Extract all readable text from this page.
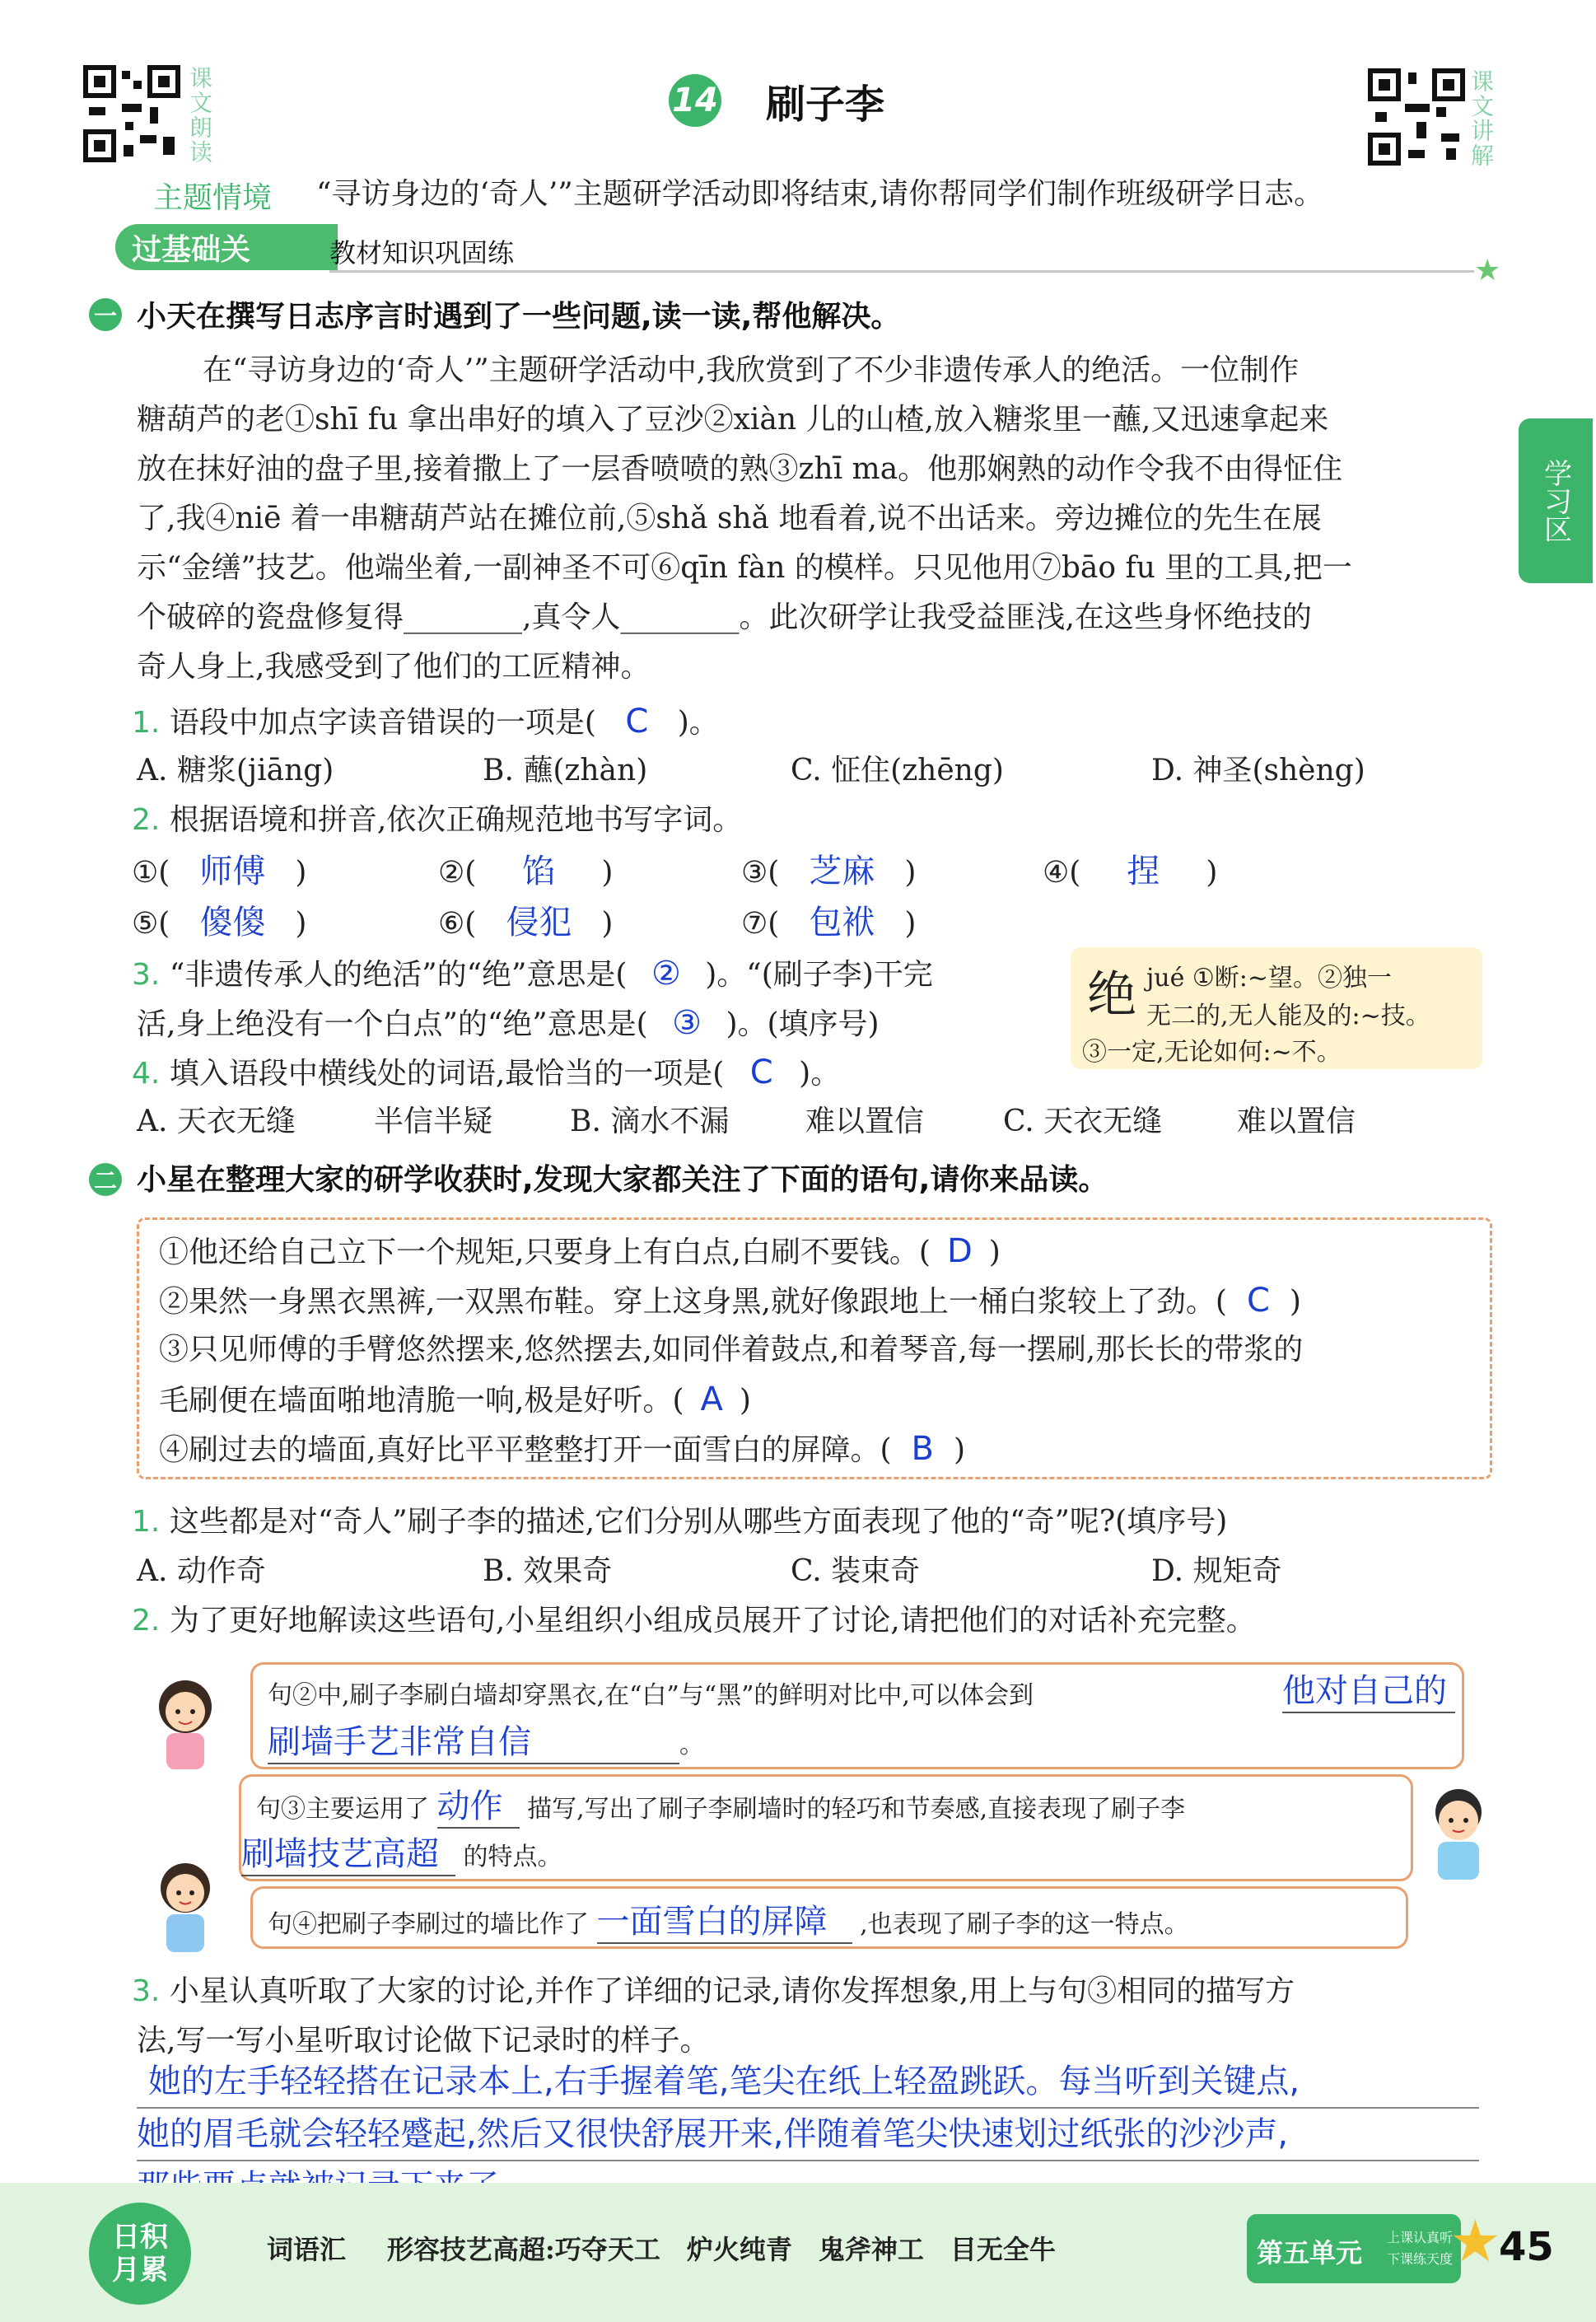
课文朗读	14 刷子李	课文讲解
主题情境 “寻访身边的‘奇人’”主题研学活动即将结束,请你帮同学们制作班级研学日志。
过基础关	教材知识巩固练
★
学习区
一 小天在撰写日志序言时遇到了一些问题,读一读,帮他解决。
在“寻访身边的‘奇人’”主题研学活动中,我欣赏到了不少非遗传承人的绝活。一位制作
糖葫芦的老①shī fu 拿出串好的填入了豆沙②xiàn 儿的山楂,放入糖浆里一蘸,又迅速拿起来
放在抹好油的盘子里,接着撒上了一层香喷喷的熟③zhī ma。他那娴熟的动作令我不由得怔住
了,我④niē 着一串糖葫芦站在摊位前,⑤shǎ shǎ 地看着,说不出话来。旁边摊位的先生在展
示“金缮”技艺。他端坐着,一副神圣不可⑥qīn fàn 的模样。只见他用⑦bāo fu 里的工具,把一
个破碎的瓷盘修复得________,真令人________。此次研学让我受益匪浅,在这些身怀绝技的
奇人身上,我感受到了他们的工匠精神。
1. 语段中加点字读音错误的一项是( C )。
A. 糖浆(jiāng)	B. 蘸(zhàn)	C. 怔住(zhēng)	D. 神圣(shèng)
2. 根据语境和拼音,依次正确规范地书写字词。
①( 师傅 )	②( 馅 )	③( 芝麻 )	④( 捏 )
⑤( 傻傻 )	⑥( 侵犯 )	⑦( 包袱 )
3. “非遗传承人的绝活”的“绝”意思是( ② )。“(刷子李)干完
活,身上绝没有一个白点”的“绝”意思是( ③ )。(填序号)
绝 jué ①断:~望。②独一
无二的,无人能及的:~技。
③一定,无论如何:~不。
4. 填入语段中横线处的词语,最恰当的一项是( C )。
A. 天衣无缝	半信半疑	B. 滴水不漏	难以置信	C. 天衣无缝	难以置信
二 小星在整理大家的研学收获时,发现大家都关注了下面的语句,请你来品读。
①他还给自己立下一个规矩,只要身上有白点,白刷不要钱。( D )
②果然一身黑衣黑裤,一双黑布鞋。穿上这身黑,就好像跟地上一桶白浆较上了劲。( C )
③只见师傅的手臂悠然摆来,悠然摆去,如同伴着鼓点,和着琴音,每一摆刷,那长长的带浆的
毛刷便在墙面啪地清脆一响,极是好听。( A )
④刷过去的墙面,真好比平平整整打开一面雪白的屏障。( B )
1. 这些都是对“奇人”刷子李的描述,它们分别从哪些方面表现了他的“奇”呢?(填序号)
A. 动作奇	B. 效果奇	C. 装束奇	D. 规矩奇
2. 为了更好地解读这些语句,小星组织小组成员展开了讨论,请把他们的对话补充完整。
句②中,刷子李刷白墙却穿黑衣,在“白”与“黑”的鲜明对比中,可以体会到	他对自己的
刷墙手艺非常自信	。
句③主要运用了 动作 描写,写出了刷子李刷墙时的轻巧和节奏感,直接表现了刷子李
刷墙技艺高超 的特点。
句④把刷子李刷过的墙比作了 一面雪白的屏障 ,也表现了刷子李的这一特点。
3. 小星认真听取了大家的讨论,并作了详细的记录,请你发挥想象,用上与句③相同的描写方
法,写一写小星听取讨论做下记录时的样子。
她的左手轻轻搭在记录本上,右手握着笔,笔尖在纸上轻盈跳跃。每当听到关键点,
她的眉毛就会轻轻蹙起,然后又很快舒展开来,伴随着笔尖快速划过纸张的沙沙声,
日积月累
词语汇 形容技艺高超:巧夺天工　炉火纯青　鬼斧神工　目无全牛	第五单元 上课认真听
下课练天度
★
45
